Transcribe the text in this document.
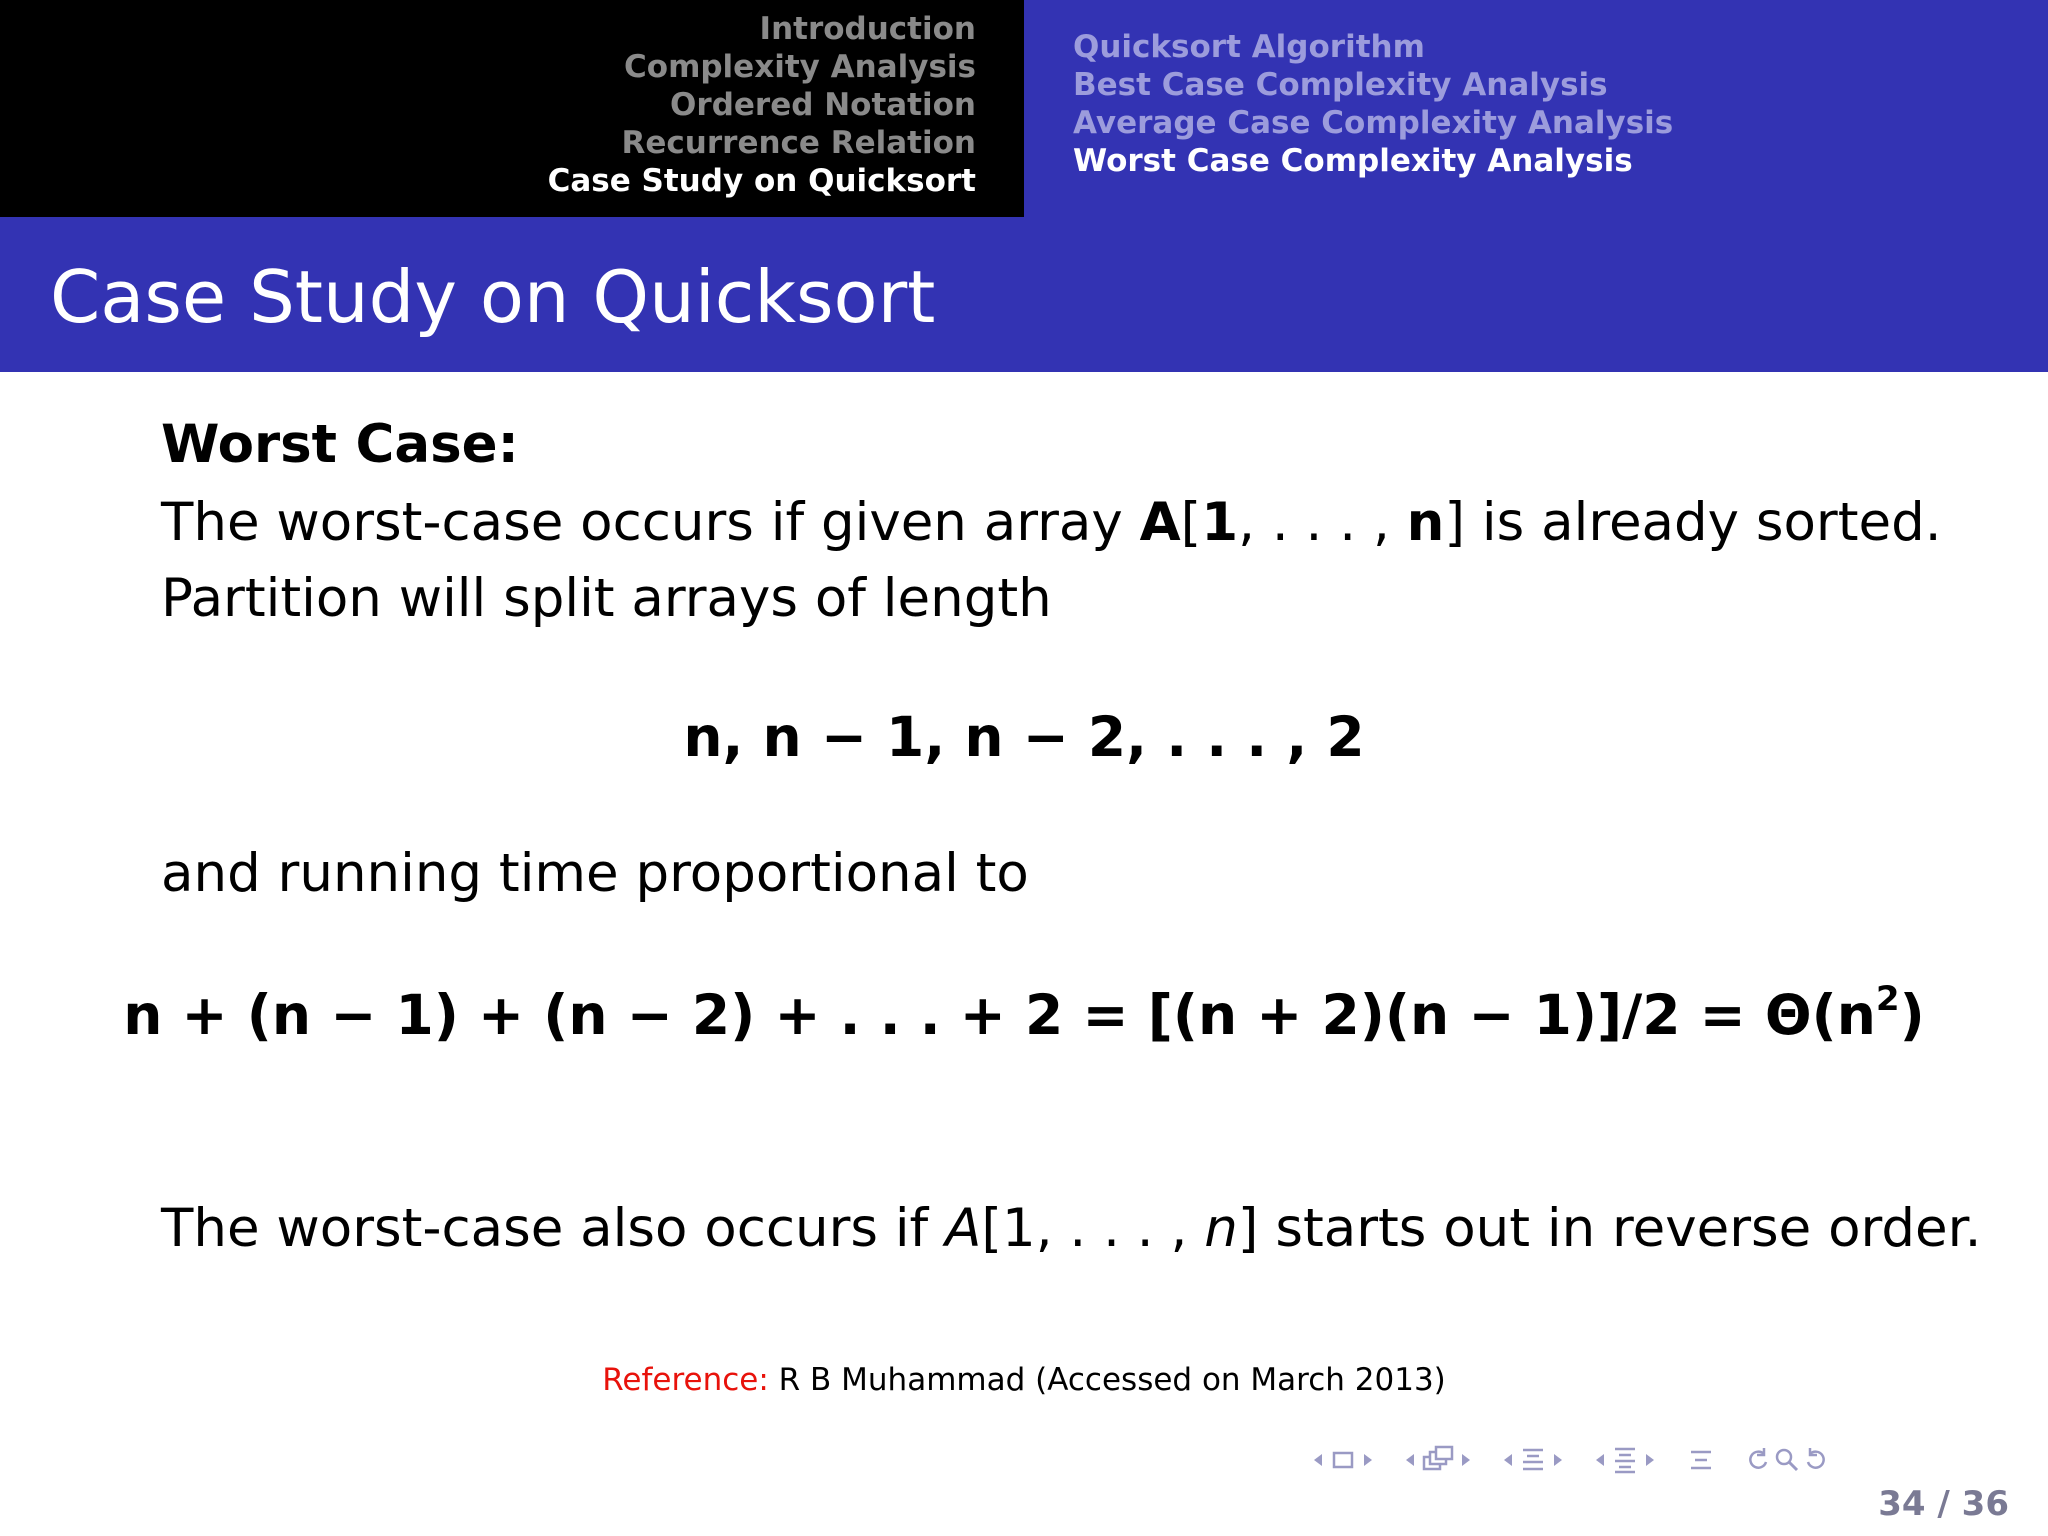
Introduction
Complexity Analysis
Ordered Notation
Recurrence Relation
Case Study on Quicksort
Quicksort Algorithm
Best Case Complexity Analysis
Average Case Complexity Analysis
Worst Case Complexity Analysis
Case Study on Quicksort

Worst Case:

The worst-case occurs if given array A[1, . . . , n] is already sorted.

Partition will split arrays of length

n, n − 1, n − 2, . . . , 2

and running time proportional to

n + (n − 1) + (n − 2) + . . . + $2 = [(n + 2)(n - 1)]/2 = \Theta(n^2)$

The worst-case also occurs if A[1, . . . , n] starts out in reverse order.

Reference: R B Muhammad (Accessed on March 2013)
34 / 36
